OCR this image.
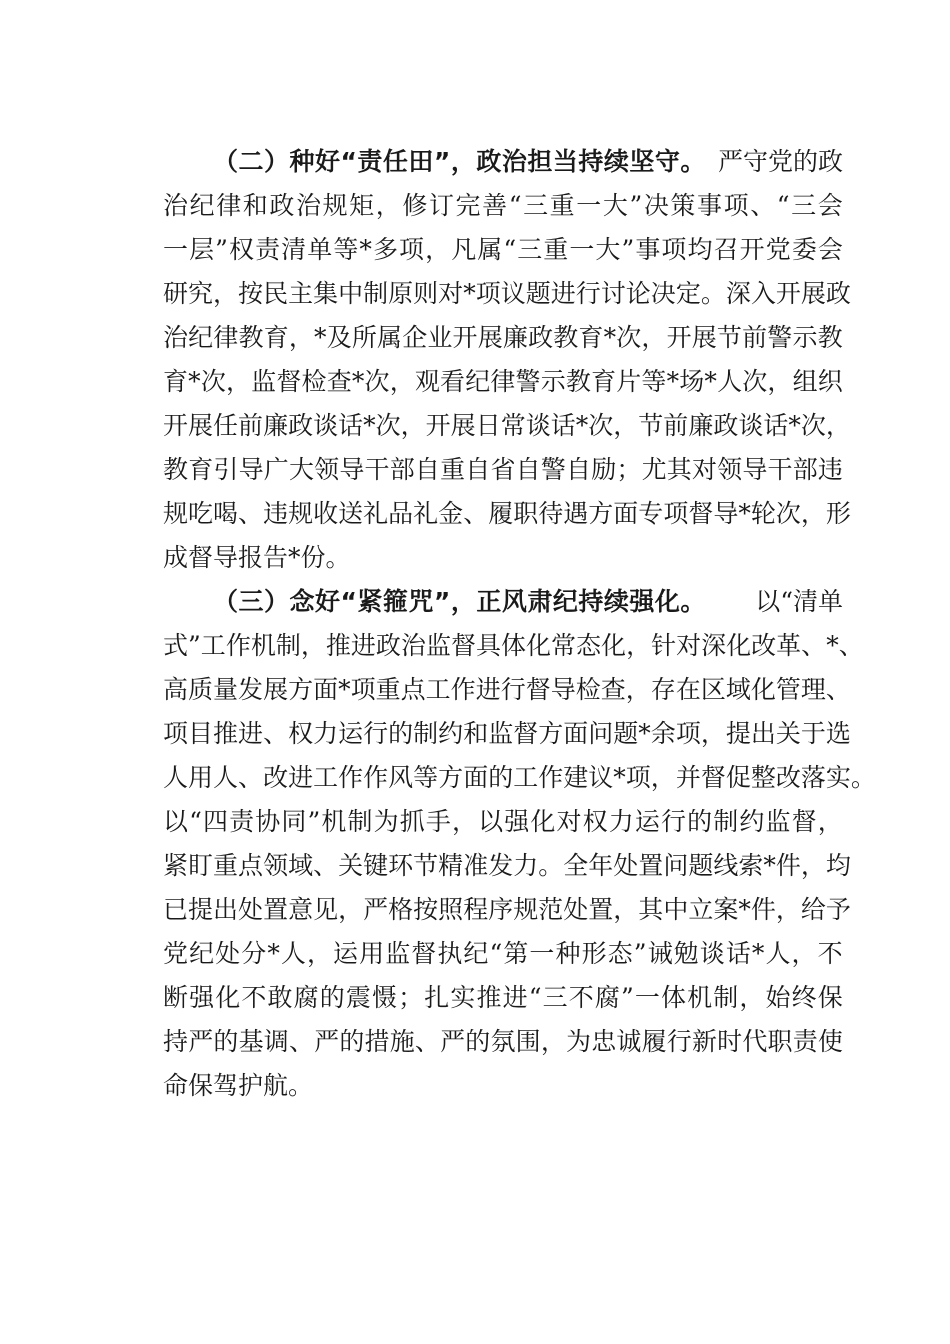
（二）种好“责任田”，政治担当持续坚守。 严守党的政
治 纪 律 和 政 治 规 矩 ， 修 订 完 善 “ 三 重 一 大 ” 决 策 事 项 、 “ 三 会
一 层 ” 权 责 清 单 等 * 多 项 ， 凡 属 “ 三 重 一 大 ” 事 项 均 召 开 党 委 会
研 究 ， 按 民 主 集 中 制 原 则 对 * 项 议 题 进 行 讨 论 决 定 。 深 入 开 展 政
治 纪 律 教 育 ， * 及 所 属 企 业 开 展 廉 政 教 育 * 次 ， 开 展 节 前 警 示 教
育 * 次 ， 监 督 检 查 * 次 ， 观 看 纪 律 警 示 教 育 片 等 * 场 * 人 次 ， 组 织
开 展 任 前 廉 政 谈 话 * 次 ， 开 展 日 常 谈 话 * 次 ， 节 前 廉 政 谈 话 * 次 ，
教 育 引 导 广 大 领 导 干 部 自 重 自 省 自 警 自 励 ； 尤 其 对 领 导 干 部 违
规 吃 喝 、 违 规 收 送 礼 品 礼 金 、 履 职 待 遇 方 面 专 项 督 导 * 轮 次 ， 形
成督导报告*份。
（三）念好“紧箍咒”，正风肃纪持续强化。 以“清单
式 ” 工 作 机 制 ， 推 进 政 治 监 督 具 体 化 常 态 化 ， 针 对 深 化 改 革 、 * 、
高 质 量 发 展 方 面 * 项 重 点 工 作 进 行 督 导 检 查 ， 存 在 区 域 化 管 理 、
项 目 推 进 、 权 力 运 行 的 制 约 和 监 督 方 面 问 题 * 余 项 ， 提 出 关 于 选
人 用 人 、 改 进 工 作 作 风 等 方 面 的 工 作 建 议 * 项 ， 并 督 促 整 改 落 实 。
以 “ 四 责 协 同 ” 机 制 为 抓 手 ， 以 强 化 对 权 力 运 行 的 制 约 监 督 ，
紧 盯 重 点 领 域 、 关 键 环 节 精 准 发 力 。 全 年 处 置 问 题 线 索 * 件 ， 均
已 提 出 处 置 意 见 ， 严 格 按 照 程 序 规 范 处 置 ， 其 中 立 案 * 件 ， 给 予
党 纪 处 分 * 人 ， 运 用 监 督 执 纪 “ 第 一 种 形 态 ” 诫 勉 谈 话 * 人 ， 不
断 强 化 不 敢 腐 的 震 慑 ； 扎 实 推 进 “ 三 不 腐 ” 一 体 机 制 ， 始 终 保
持 严 的 基 调 、 严 的 措 施 、 严 的 氛 围 ， 为 忠 诚 履 行 新 时 代 职 责 使
命保驾护航。
